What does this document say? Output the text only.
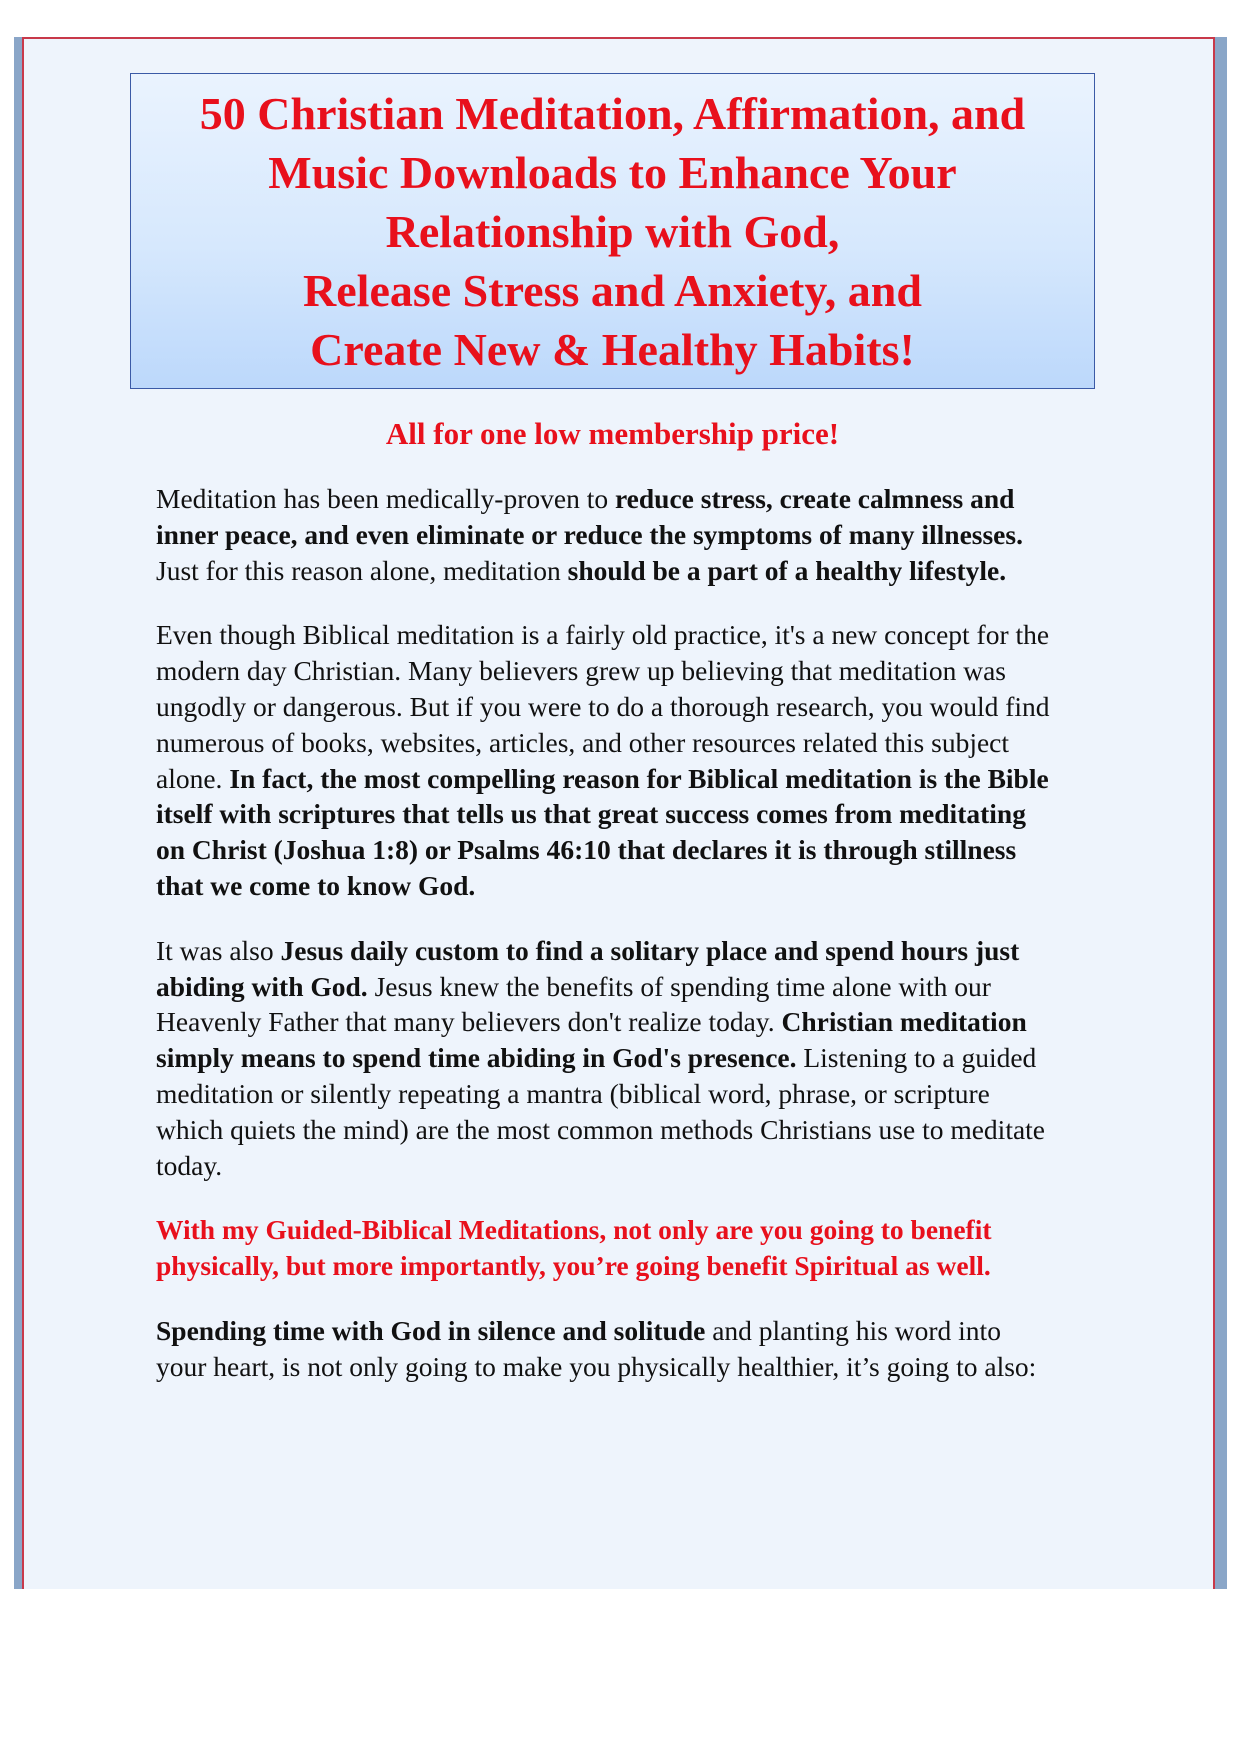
50 Christian Meditation, Affirmation, and
Music Downloads to Enhance Your
Relationship with God,
Release Stress and Anxiety, and
Create New & Healthy Habits!

All for one low membership price!

Meditation has been medically-proven to reduce stress, create calmness and inner peace, and even eliminate or reduce the symptoms of many illnesses. Just for this reason alone, meditation should be a part of a healthy lifestyle.

Even though Biblical meditation is a fairly old practice, it's a new concept for the modern day Christian. Many believers grew up believing that meditation was ungodly or dangerous. But if you were to do a thorough research, you would find numerous of books, websites, articles, and other resources related this subject alone. In fact, the most compelling reason for Biblical meditation is the Bible itself with scriptures that tells us that great success comes from meditating on Christ (Joshua 1:8) or Psalms 46:10 that declares it is through stillness that we come to know God.

It was also Jesus daily custom to find a solitary place and spend hours just abiding with God. Jesus knew the benefits of spending time alone with our Heavenly Father that many believers don't realize today. Christian meditation simply means to spend time abiding in God's presence. Listening to a guided meditation or silently repeating a mantra (biblical word, phrase, or scripture which quiets the mind) are the most common methods Christians use to meditate today.

With my Guided-Biblical Meditations, not only are you going to benefit physically, but more importantly, you’re going benefit Spiritual as well.

Spending time with God in silence and solitude and planting his word into your heart, is not only going to make you physically healthier, it’s going to also:
